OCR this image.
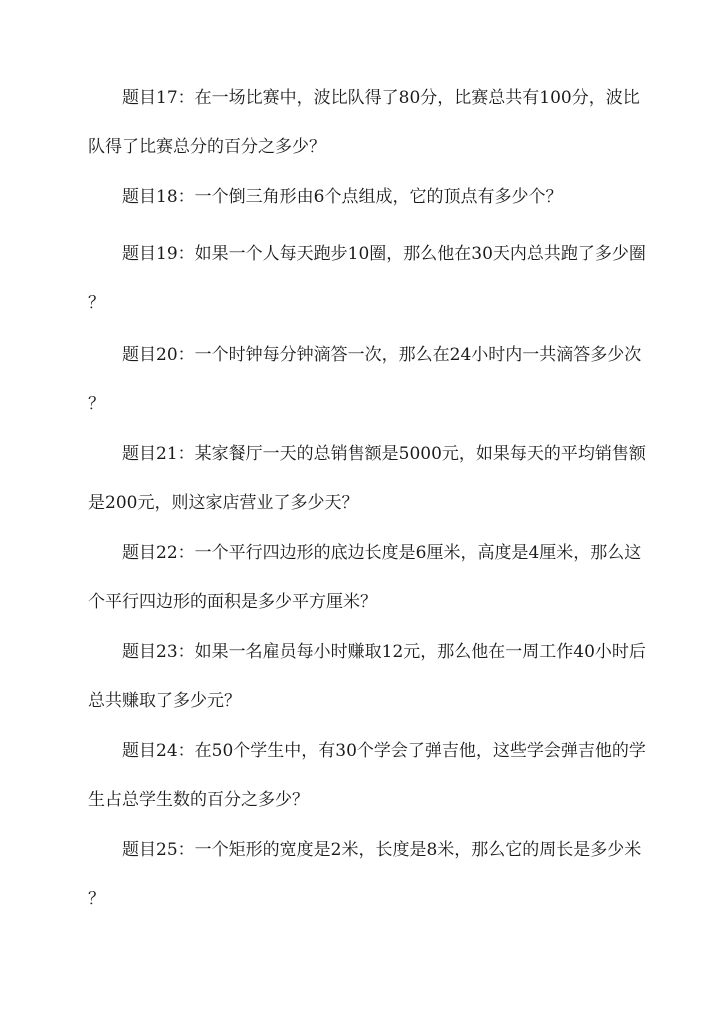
题目17：在一场比赛中，波比队得了80分，比赛总共有100分，波比
队得了比赛总分的百分之多少？

题目18：一个倒三角形由6个点组成，它的顶点有多少个？

题目19：如果一个人每天跑步10圈，那么他在30天内总共跑了多少圈
？

题目20：一个时钟每分钟滴答一次，那么在24小时内一共滴答多少次
？

题目21：某家餐厅一天的总销售额是5000元，如果每天的平均销售额
是200元，则这家店营业了多少天？

题目22：一个平行四边形的底边长度是6厘米，高度是4厘米，那么这
个平行四边形的面积是多少平方厘米？

题目23：如果一名雇员每小时赚取12元，那么他在一周工作40小时后
总共赚取了多少元？

题目24：在50个学生中，有30个学会了弹吉他，这些学会弹吉他的学
生占总学生数的百分之多少？

题目25：一个矩形的宽度是2米，长度是8米，那么它的周长是多少米
？
